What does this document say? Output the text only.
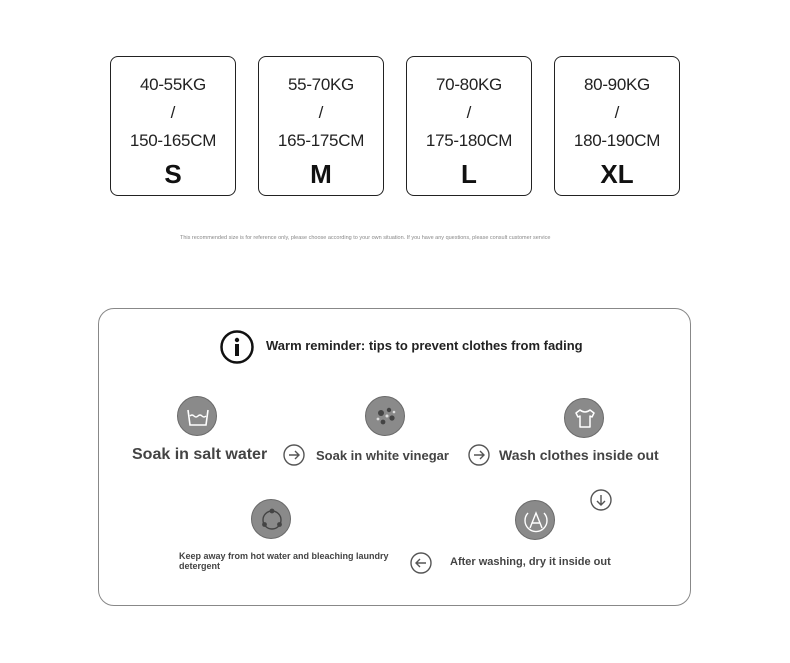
40-55KG
/
150-165CM
S
55-70KG
/
165-175CM
M
70-80KG
/
175-180CM
L
80-90KG
/
180-190CM
XL
This recommended size is for reference only, please choose according to your own situation. If you have any questions, please consult customer service
Warm reminder: tips to prevent clothes from fading
Soak in salt water	Soak in white vinegar	Wash clothes inside out
After washing, dry it inside out
Keep away from hot water and bleaching laundry detergent
